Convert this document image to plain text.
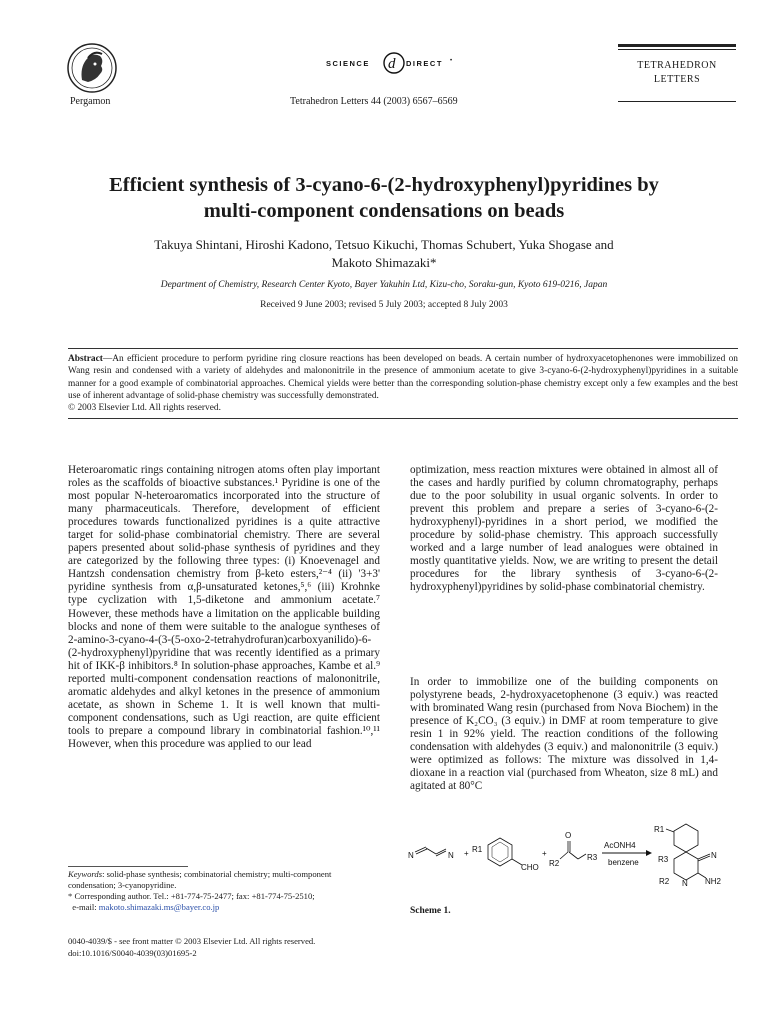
Pergamon
SCIENCE d DIRECT •
Tetrahedron Letters 44 (2003) 6567–6569
TETRAHEDRON
LETTERS
Efficient synthesis of 3-cyano-6-(2-hydroxyphenyl)pyridines by
multi-component condensations on beads
Takuya Shintani, Hiroshi Kadono, Tetsuo Kikuchi, Thomas Schubert, Yuka Shogase and
Makoto Shimazaki*
Department of Chemistry, Research Center Kyoto, Bayer Yakuhin Ltd, Kizu-cho, Soraku-gun, Kyoto 619-0216, Japan
Received 9 June 2003; revised 5 July 2003; accepted 8 July 2003
Abstract—An efficient procedure to perform pyridine ring closure reactions has been developed on beads. A certain number of hydroxyacetophenones were immobilized on Wang resin and condensed with a variety of aldehydes and malononitrile in the presence of ammonium acetate to give 3-cyano-6-(2-hydroxyphenyl)pyridines in a suitable manner for a good example of combinatorial approaches. Chemical yields were better than the corresponding solution-phase chemistry except only a few examples and the best use of inherent advantage of solid-phase chemistry was successfully demonstrated.
© 2003 Elsevier Ltd. All rights reserved.
Heteroaromatic rings containing nitrogen atoms often play important roles as the scaffolds of bioactive substances.¹ Pyridine is one of the most popular N-heteroaromatics incorporated into the structure of many pharmaceuticals. Therefore, development of efficient procedures towards functionalized pyridines is a quite attractive target for solid-phase combinatorial chemistry. There are several papers presented about solid-phase synthesis of pyridines and they are categorized by the following three types: (i) Knoevenagel and Hantzsh condensation chemistry from β-keto esters,²⁻⁴ (ii) '3+3' pyridine synthesis from α,β-unsaturated ketones,⁵,⁶ (iii) Krohnke type cyclization with 1,5-diketone and ammonium acetate.⁷ However, these methods have a limitation on the applicable building blocks and none of them were suitable to the analogue syntheses of 2-amino-3-cyano-4-(3-(5-oxo-2-tetrahydrofuran)carboxyanilido)-6-(2-hydroxyphenyl)pyridine that was recently identified as a primary hit of IKK-β inhibitors.⁸ In solution-phase approaches, Kambe et al.⁹ reported multi-component condensation reactions of malononitrile, aromatic aldehydes and alkyl ketones in the presence of ammonium acetate, as shown in Scheme 1. It is well known that multi-component condensations, such as Ugi reaction, are quite efficient tools to prepare a compound library in combinatorial fashion.¹⁰,¹¹ However, when this procedure was applied to our lead
optimization, mess reaction mixtures were obtained in almost all of the cases and hardly purified by column chromatography, perhaps due to the poor solubility in usual organic solvents. In order to prevent this problem and prepare a series of 3-cyano-6-(2-hydroxyphenyl)-pyridines in a short period, we modified the procedure by solid-phase chemistry. This approach successfully worked and a large number of lead analogues were obtained in mostly quantitative yields. Now, we are writing to present the detail procedures for the library synthesis of 3-cyano-6-(2-hydroxyphenyl)pyridines by solid-phase combinatorial chemistry.
In order to immobilize one of the building components on polystyrene beads, 2-hydroxyacetophenone (3 equiv.) was reacted with brominated Wang resin (purchased from Nova Biochem) in the presence of K₂CO₃ (3 equiv.) in DMF at room temperature to give resin 1 in 92% yield. The reaction conditions of the following condensation with aldehydes (3 equiv.) and malononitrile (3 equiv.) were optimized as follows: The mixture was dissolved in 1,4-dioxane in a reaction vial (purchased from Wheaton, size 8 mL) and agitated at 80°C
N	N + R1
CHO
+
R2
O
R3
AcONH4
benzene
R1
R3
R2 N
N
NH2
Scheme 1.
Keywords: solid-phase synthesis; combinatorial chemistry; multi-component condensation; 3-cyanopyridine.
* Corresponding author. Tel.: +81-774-75-2477; fax: +81-774-75-2510;
e-mail: makoto.shimazaki.ms@bayer.co.jp
0040-4039/$ - see front matter © 2003 Elsevier Ltd. All rights reserved.
doi:10.1016/S0040-4039(03)01695-2
